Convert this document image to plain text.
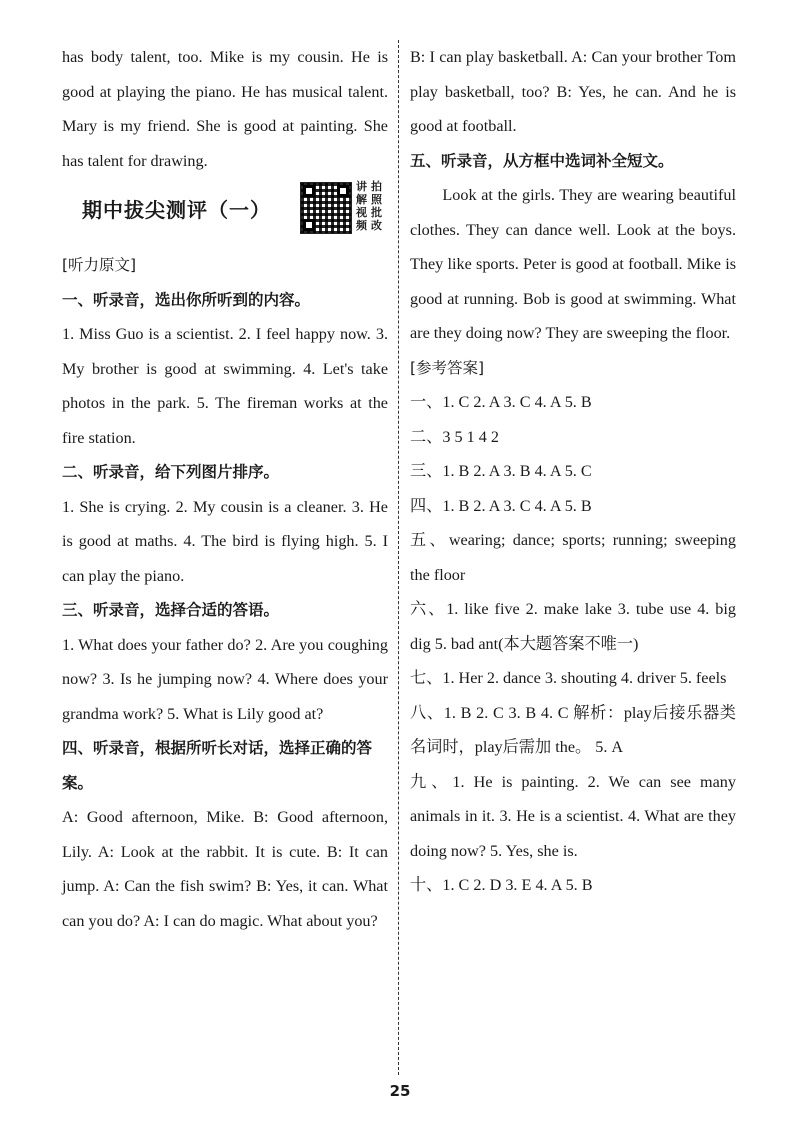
has body talent, too. Mike is my cousin. He is good at playing the piano. He has musical talent. Mary is my friend. She is good at painting. She has talent for drawing.

期中拔尖测评（一）
讲 拍
解 照
视 批
频 改

[听力原文]

一、听录音，选出你所听到的内容。

1. Miss Guo is a scientist. 2. I feel happy now. 3. My brother is good at swimming. 4. Let's take photos in the park. 5. The fireman works at the fire station.

二、听录音，给下列图片排序。

1. She is crying. 2. My cousin is a cleaner. 3. He is good at maths. 4. The bird is flying high. 5. I can play the piano.

三、听录音，选择合适的答语。

1. What does your father do? 2. Are you coughing now? 3. Is he jumping now? 4. Where does your grandma work? 5. What is Lily good at?

四、听录音，根据所听长对话，选择正确的答案。

A: Good afternoon, Mike. B: Good afternoon, Lily. A: Look at the rabbit. It is cute. B: It can jump. A: Can the fish swim? B: Yes, it can. What can you do? A: I can do magic. What about you?

B: I can play basketball. A: Can your brother Tom play basketball, too? B: Yes, he can. And he is good at football.

五、听录音，从方框中选词补全短文。

Look at the girls. They are wearing beautiful clothes. They can dance well. Look at the boys. They like sports. Peter is good at football. Mike is good at running. Bob is good at swimming. What are they doing now? They are sweeping the floor.

[参考答案]

一、1. C 2. A 3. C 4. A 5. B

二、3 5 1 4 2

三、1. B 2. A 3. B 4. A 5. C

四、1. B 2. A 3. C 4. A 5. B

五、wearing; dance; sports; running; sweeping the floor

六、1. like five 2. make lake 3. tube use 4. big dig 5. bad ant(本大题答案不唯一)

七、1. Her 2. dance 3. shouting 4. driver 5. feels

八、1. B 2. C 3. B 4. C 解析：play后接乐器类名词时，play后需加 the。 5. A

九、1. He is painting. 2. We can see many animals in it. 3. He is a scientist. 4. What are they doing now? 5. Yes, she is.

十、1. C 2. D 3. E 4. A 5. B

25
